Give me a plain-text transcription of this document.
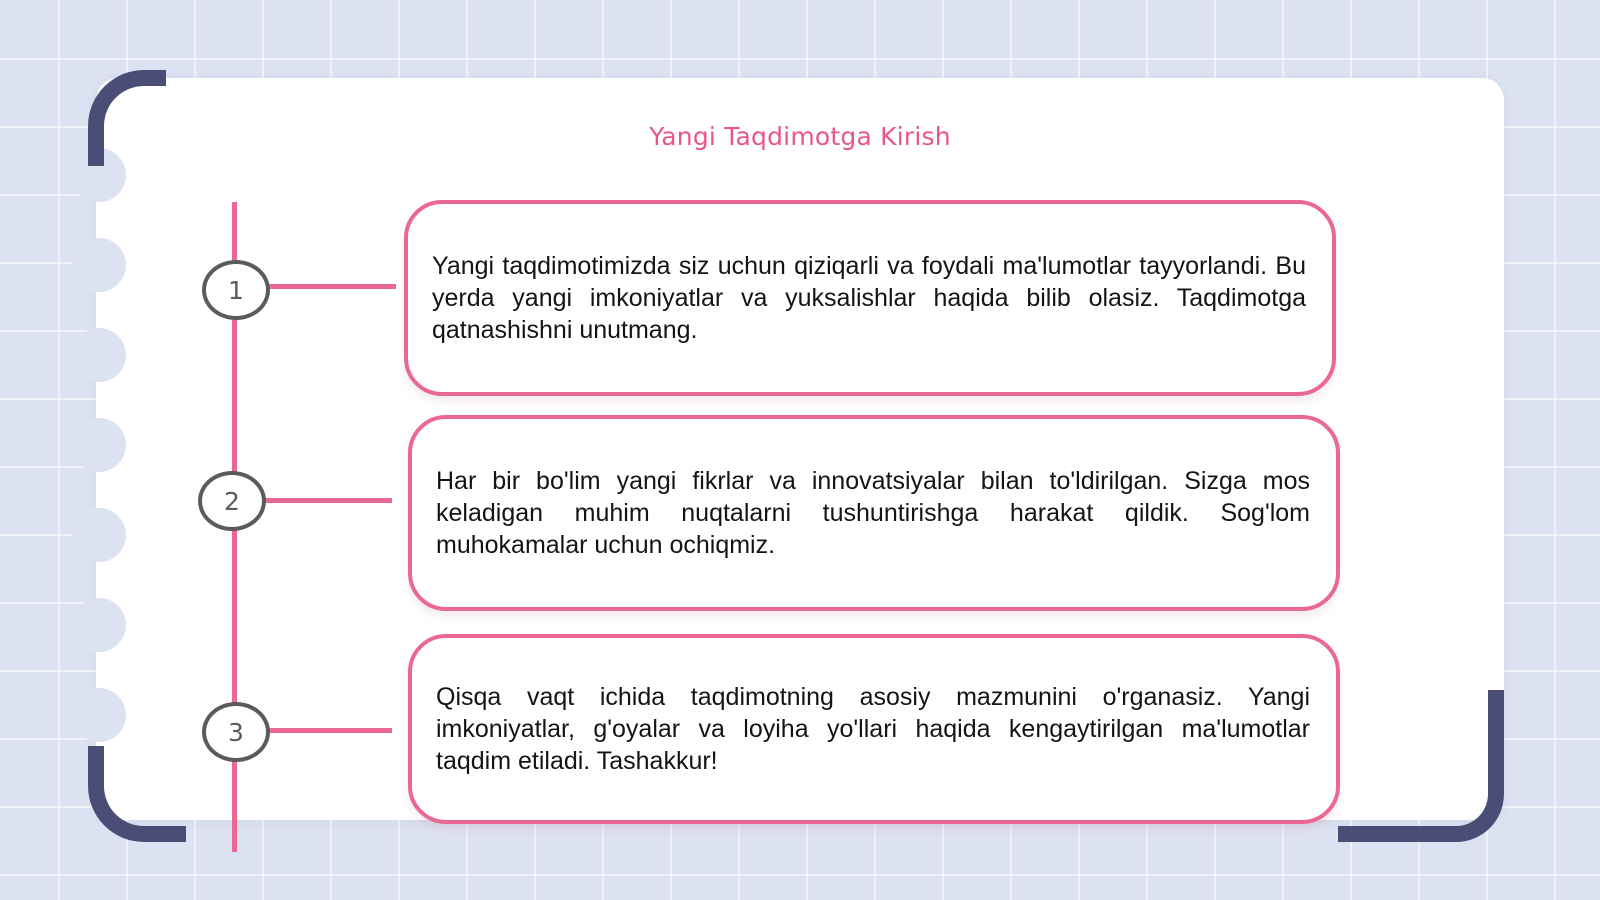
Yangi Taqdimotga Kirish
1
Yangi taqdimotimizda siz uchun qiziqarli va foydali ma'lumotlar tayyorlandi. Bu yerda yangi imkoniyatlar va yuksalishlar haqida bilib olasiz. Taqdimotga qatnashishni unutmang.
2
Har bir bo'lim yangi fikrlar va innovatsiyalar bilan to'ldirilgan. Sizga mos keladigan muhim nuqtalarni tushuntirishga harakat qildik. Sog'lom muhokamalar uchun ochiqmiz.
3
Qisqa vaqt ichida taqdimotning asosiy mazmunini o'rganasiz. Yangi imkoniyatlar, g'oyalar va loyiha yo'llari haqida kengaytirilgan ma'lumotlar taqdim etiladi. Tashakkur!
